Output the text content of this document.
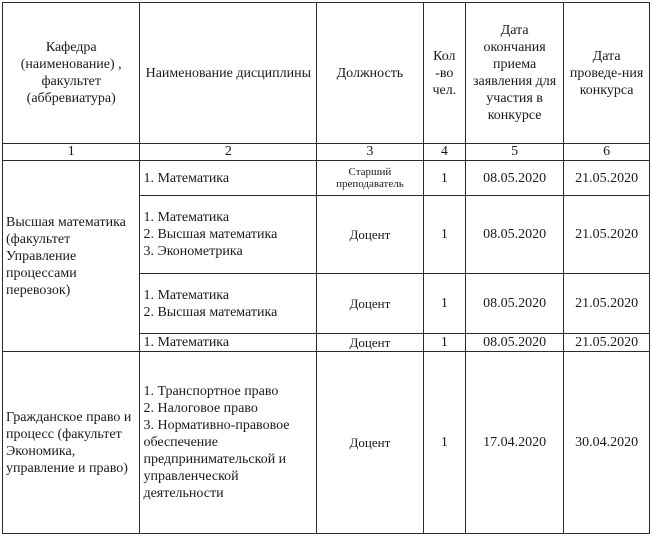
Кафедра (наименование) , факультет (аббревиатура)	Наименование дисциплины	Должность	Кол -во чел.	Дата окончания приема заявления для участия в конкурсе	Дата проведе-ния конкурса
1	2	3	4	5	6
Высшая математика (факультет Управление процессами перевозок)	1. Математика	Старший преподаватель	1	08.05.2020	21.05.2020

	1. Математика
2. Высшая математика
3. Эконометрика	Доцент	1	08.05.2020	21.05.2020

	1. Математика
2. Высшая математика	Доцент	1	08.05.2020	21.05.2020

	1. Математика	Доцент	1	08.05.2020	21.05.2020
Гражданское право и процесс (факультет Экономика, управление и право)	1. Транспортное право
2. Налоговое право
3. Нормативно-правовое обеспечение предпринимательской и управленческой деятельности	Доцент	1	17.04.2020	30.04.2020
